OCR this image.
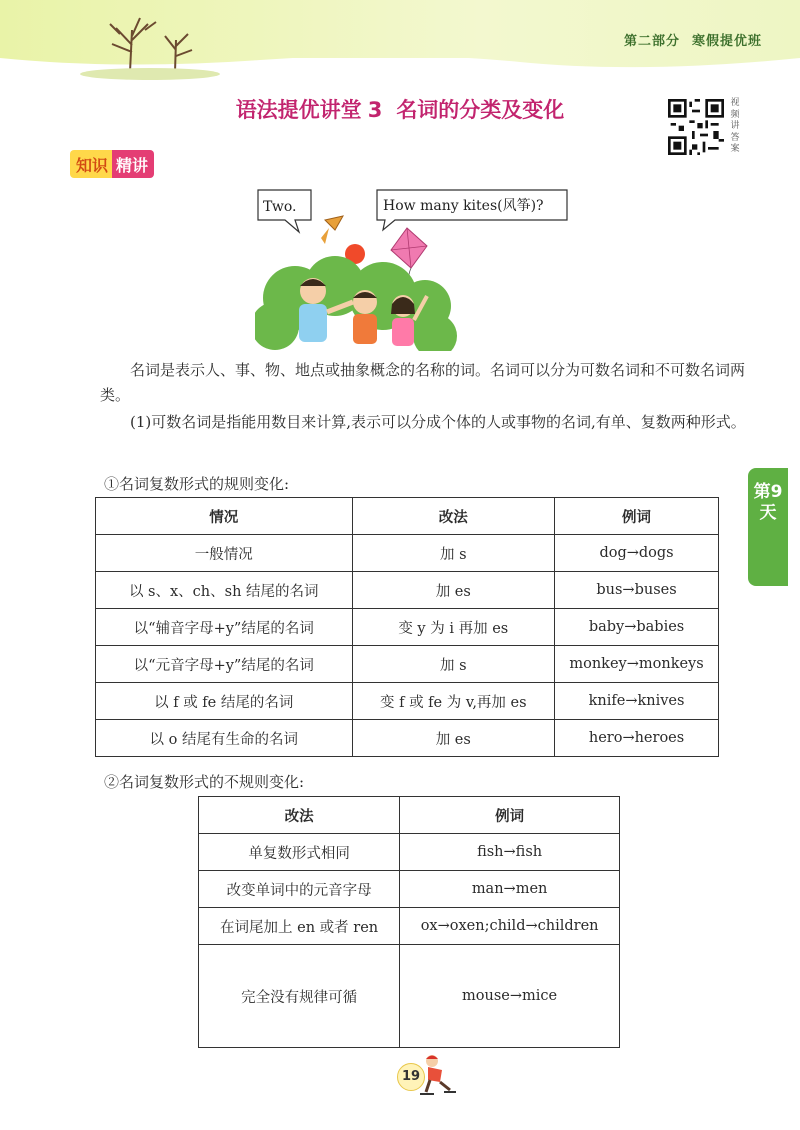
第二部分 寒假提优班
语法提优讲堂 3 名词的分类及变化	视频讲答案
知识 精讲
Two.	How many kites(风筝)?

名词是表示人、事、物、地点或抽象概念的名称的词。名词可以分为可数名词和不可数名词两类。

(1)可数名词是指能用数目来计算,表示可以分成个体的人或事物的名词,有单、复数两种形式。

第9天

①名词复数形式的规则变化:

情况	改法	例词
一般情况	加 s	dog→dogs
以 s、x、ch、sh 结尾的名词	加 es	bus→buses
以“辅音字母+y”结尾的名词	变 y 为 i 再加 es	baby→babies
以“元音字母+y”结尾的名词	加 s	monkey→monkeys
以 f 或 fe 结尾的名词	变 f 或 fe 为 v,再加 es	knife→knives
以 o 结尾有生命的名词	加 es	hero→heroes

②名词复数形式的不规则变化:

改法	例词
单复数形式相同	fish→fish
改变单词中的元音字母	man→men
在词尾加上 en 或者 ren	ox→oxen;child→children
完全没有规律可循	mouse→mice
19
